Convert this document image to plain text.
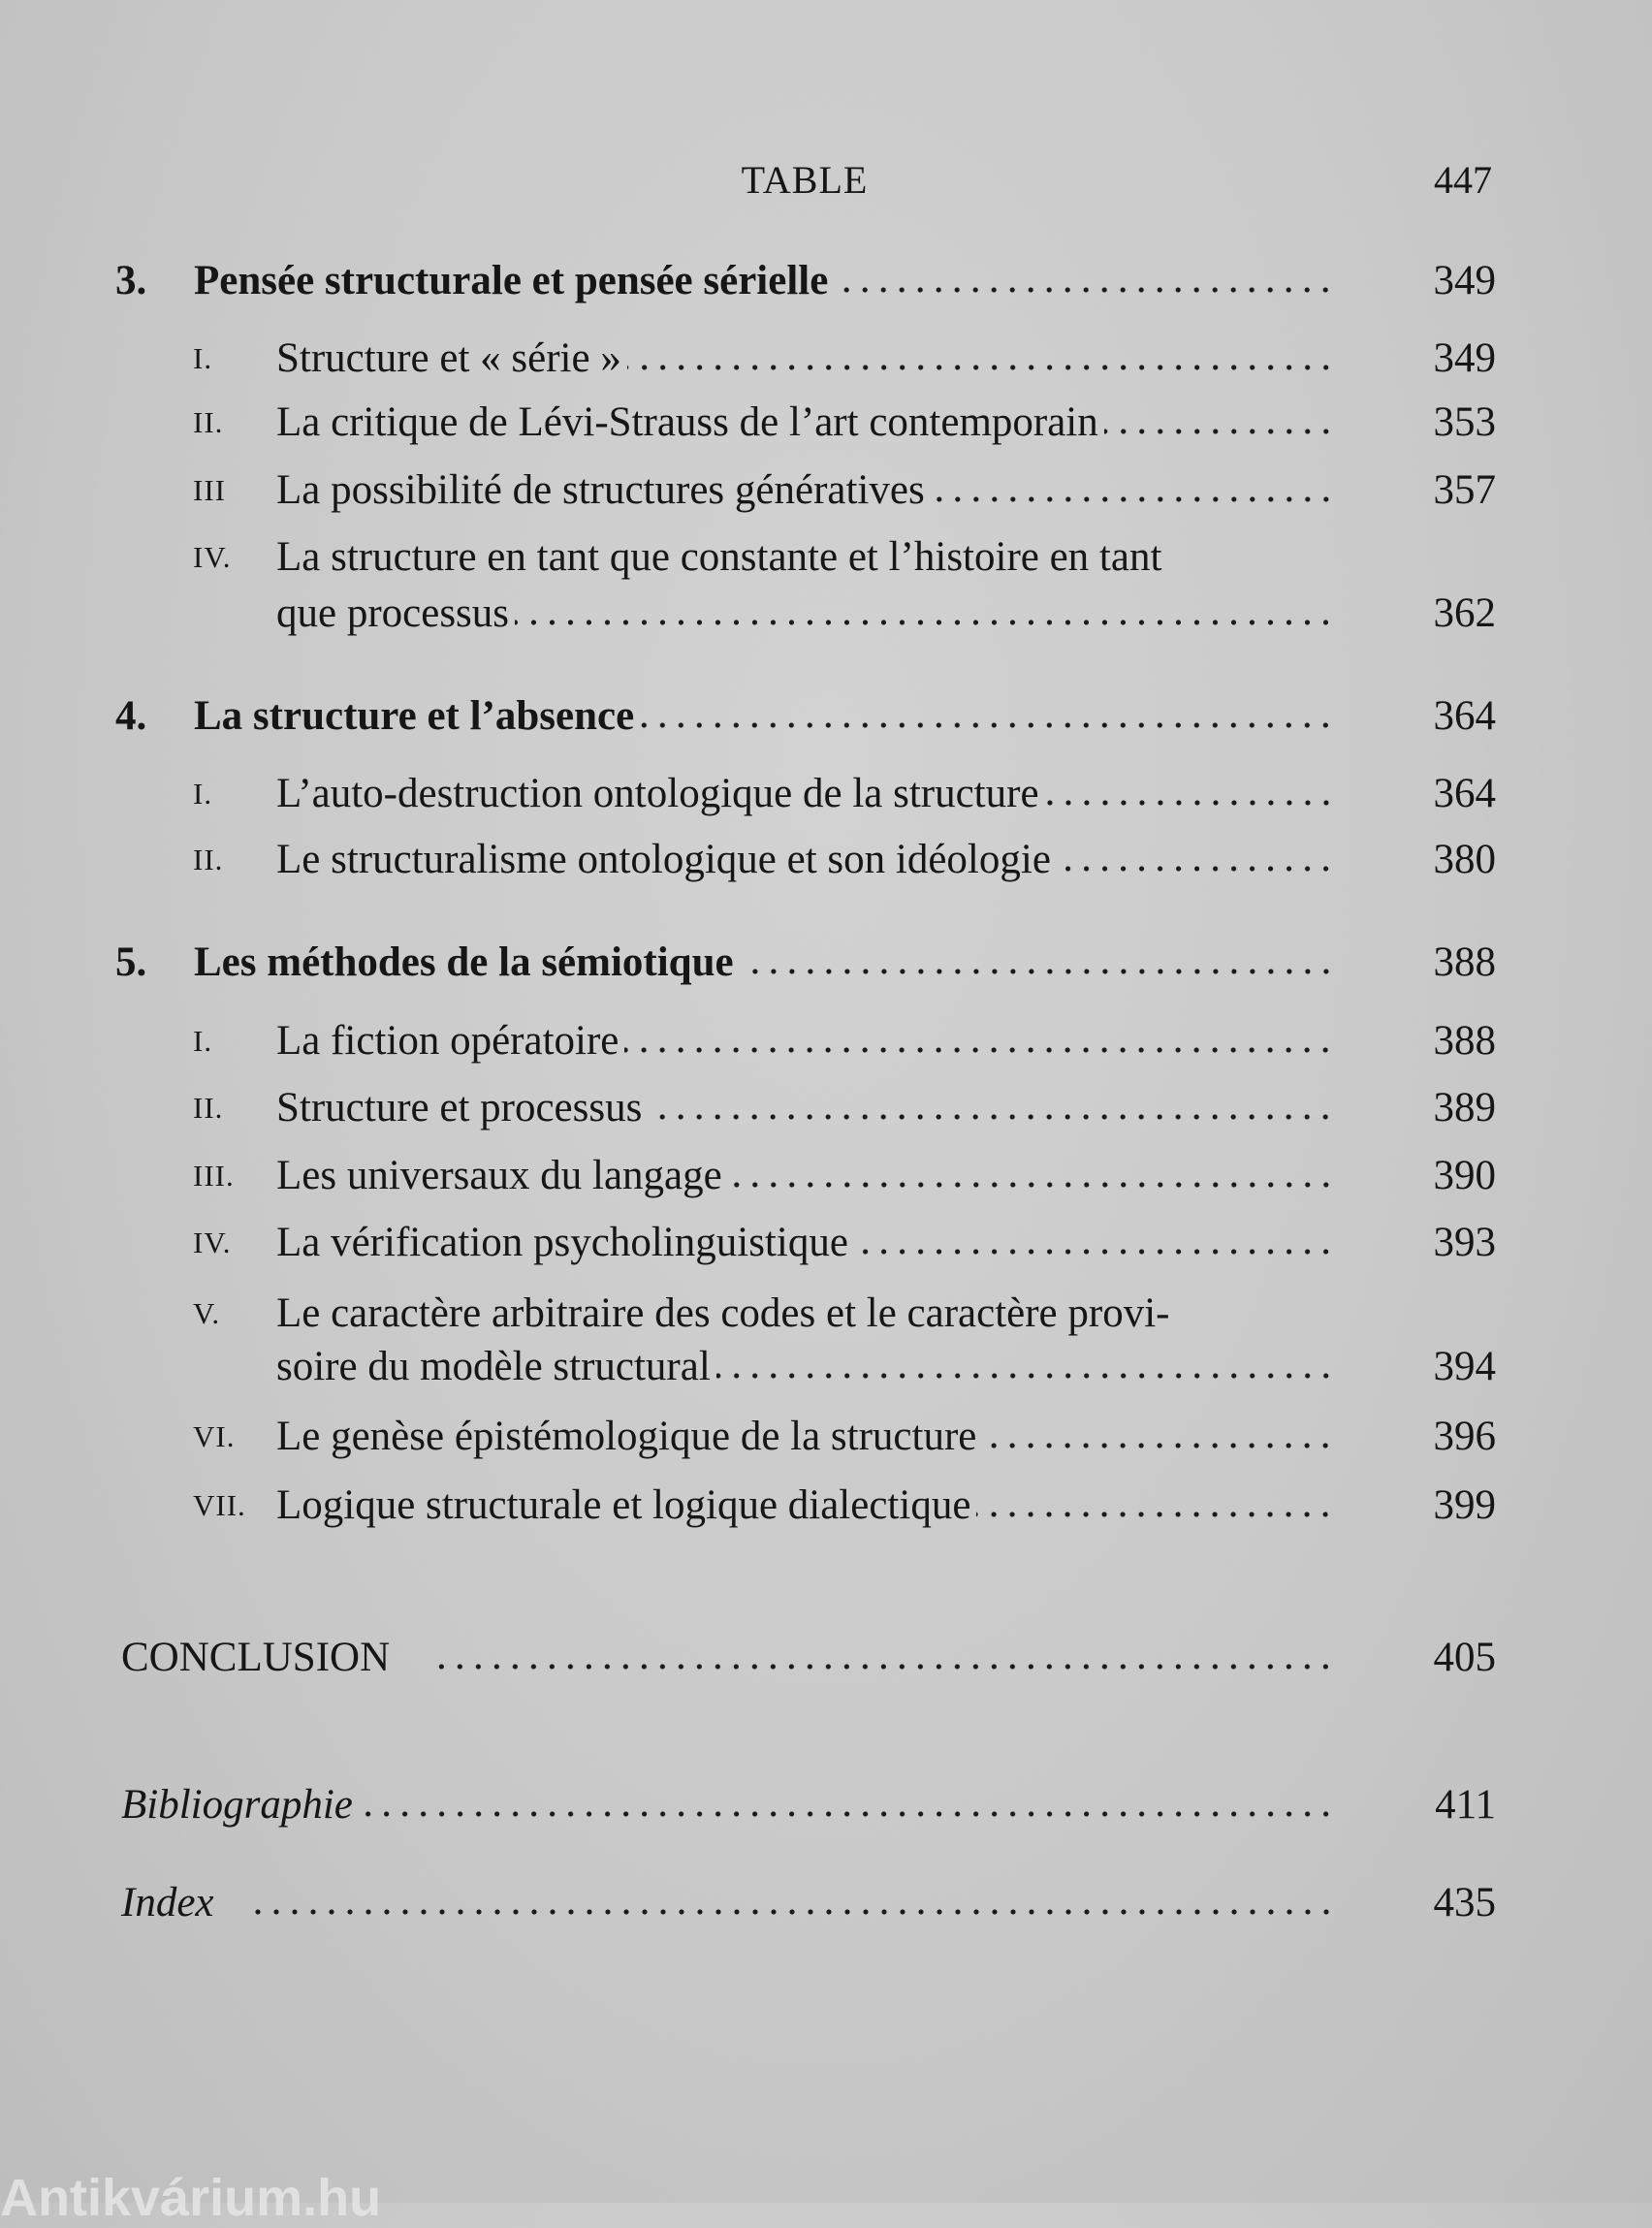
TABLE	447
3. Pensée structurale et pensée sérielle	349
I. Structure et « série »	349
II. La critique de Lévi-Strauss de l’art contemporain	353
III La possibilité de structures génératives	357
IV. La structure en tant que constante et l’histoire en tant
que processus	362
4. La structure et l’absence	364
I. L’auto-destruction ontologique de la structure	364
II. Le structuralisme ontologique et son idéologie	380
5. Les méthodes de la sémiotique	388
I. La fiction opératoire	388
II. Structure et processus	389
III. Les universaux du langage	390
IV. La vérification psycholinguistique	393
V. Le caractère arbitraire des codes et le caractère provi-
soire du modèle structural	394
VI. Le genèse épistémologique de la structure	396
VII. Logique structurale et logique dialectique	399
CONCLUSION	405
Bibliographie	411
Index	435
Antikvárium.hu
